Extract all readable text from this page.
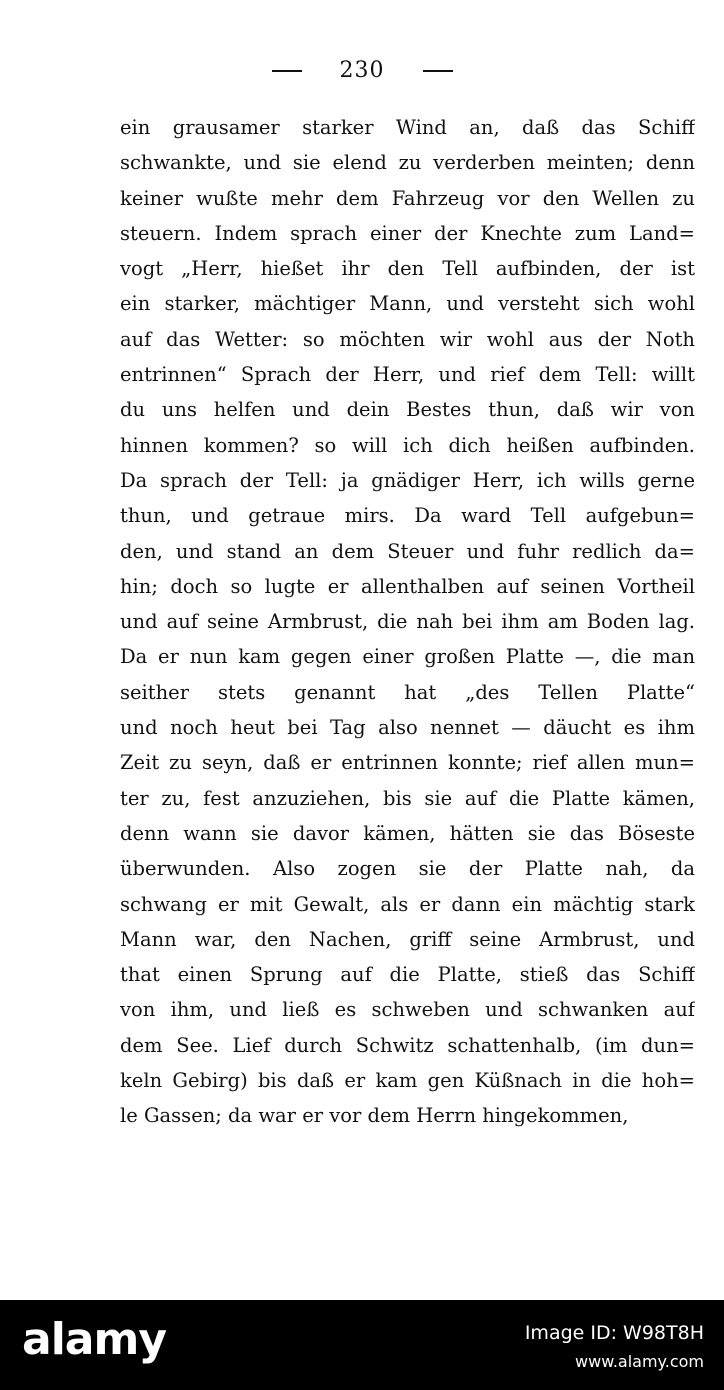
230
ein grausamer starker Wind an, daß das Schiff
schwankte, und sie elend zu verderben meinten; denn
keiner wußte mehr dem Fahrzeug vor den Wellen zu
steuern. Indem sprach einer der Knechte zum Land=
vogt „Herr, hießet ihr den Tell aufbinden, der ist
ein starker, mächtiger Mann, und versteht sich wohl
auf das Wetter: so möchten wir wohl aus der Noth
entrinnen“ Sprach der Herr, und rief dem Tell: willt
du uns helfen und dein Bestes thun, daß wir von
hinnen kommen? so will ich dich heißen aufbinden.
Da sprach der Tell: ja gnädiger Herr, ich wills gerne
thun, und getraue mirs. Da ward Tell aufgebun=
den, und stand an dem Steuer und fuhr redlich da=
hin; doch so lugte er allenthalben auf seinen Vortheil
und auf seine Armbrust, die nah bei ihm am Boden lag.
Da er nun kam gegen einer großen Platte —, die man
seither stets genannt hat „des Tellen Platte“
und noch heut bei Tag also nennet — däucht es ihm
Zeit zu seyn, daß er entrinnen konnte; rief allen mun=
ter zu, fest anzuziehen, bis sie auf die Platte kämen,
denn wann sie davor kämen, hätten sie das Böseste
überwunden. Also zogen sie der Platte nah, da
schwang er mit Gewalt, als er dann ein mächtig stark
Mann war, den Nachen, griff seine Armbrust, und
that einen Sprung auf die Platte, stieß das Schiff
von ihm, und ließ es schweben und schwanken auf
dem See. Lief durch Schwitz schattenhalb, (im dun=
keln Gebirg) bis daß er kam gen Küßnach in die hoh=
le Gassen; da war er vor dem Herrn hingekommen,
alamy	Image ID: W98T8H
www.alamy.com
